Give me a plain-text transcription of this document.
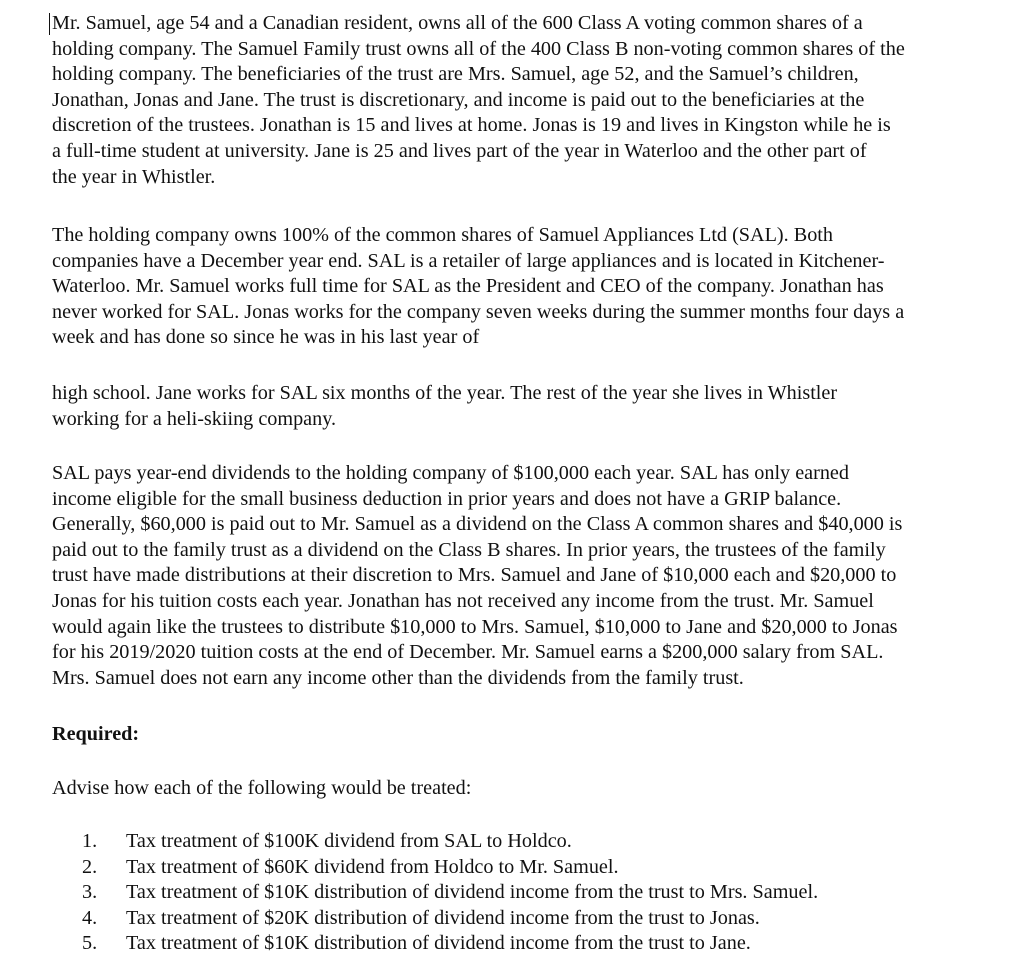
Mr. Samuel, age 54 and a Canadian resident, owns all of the 600 Class A voting common shares of a
holding company. The Samuel Family trust owns all of the 400 Class B non-voting common shares of the
holding company. The beneficiaries of the trust are Mrs. Samuel, age 52, and the Samuel’s children,
Jonathan, Jonas and Jane. The trust is discretionary, and income is paid out to the beneficiaries at the
discretion of the trustees. Jonathan is 15 and lives at home. Jonas is 19 and lives in Kingston while he is
a full-time student at university. Jane is 25 and lives part of the year in Waterloo and the other part of
the year in Whistler.
The holding company owns 100% of the common shares of Samuel Appliances Ltd (SAL). Both
companies have a December year end. SAL is a retailer of large appliances and is located in Kitchener-
Waterloo. Mr. Samuel works full time for SAL as the President and CEO of the company. Jonathan has
never worked for SAL. Jonas works for the company seven weeks during the summer months four days a
week and has done so since he was in his last year of
high school. Jane works for SAL six months of the year. The rest of the year she lives in Whistler
working for a heli-skiing company.
SAL pays year-end dividends to the holding company of $100,000 each year. SAL has only earned
income eligible for the small business deduction in prior years and does not have a GRIP balance.
Generally, $60,000 is paid out to Mr. Samuel as a dividend on the Class A common shares and $40,000 is
paid out to the family trust as a dividend on the Class B shares. In prior years, the trustees of the family
trust have made distributions at their discretion to Mrs. Samuel and Jane of $10,000 each and $20,000 to
Jonas for his tuition costs each year. Jonathan has not received any income from the trust. Mr. Samuel
would again like the trustees to distribute $10,000 to Mrs. Samuel, $10,000 to Jane and $20,000 to Jonas
for his 2019/2020 tuition costs at the end of December. Mr. Samuel earns a $200,000 salary from SAL.
Mrs. Samuel does not earn any income other than the dividends from the family trust.
Required:
Advise how each of the following would be treated:
1. Tax treatment of $100K dividend from SAL to Holdco.
2. Tax treatment of $60K dividend from Holdco to Mr. Samuel.
3. Tax treatment of $10K distribution of dividend income from the trust to Mrs. Samuel.
4. Tax treatment of $20K distribution of dividend income from the trust to Jonas.
5. Tax treatment of $10K distribution of dividend income from the trust to Jane.
